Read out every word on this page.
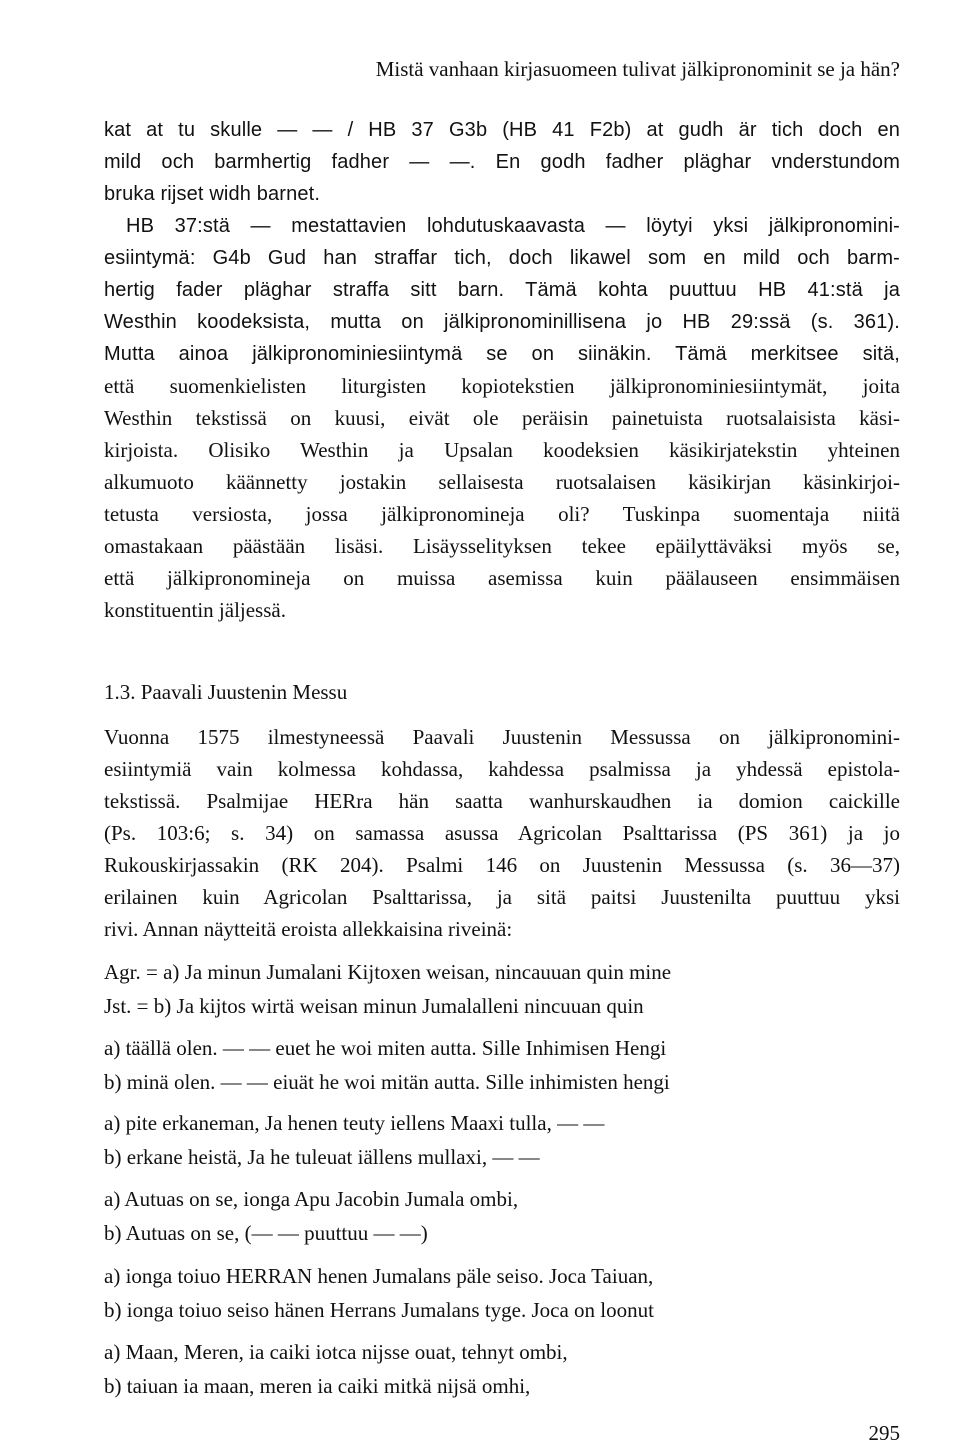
Mistä vanhaan kirjasuomeen tulivat jälkipronominit se ja hän?
kat at tu skulle — — / HB 37 G3b (HB 41 F2b) at gudh är tich doch en
mild och barmhertig fadher — —. En godh fadher pläghar vnderstundom
bruka rijset widh barnet.
HB 37:stä — mestattavien lohdutuskaavasta — löytyi yksi jälkipronomini-
esiintymä: G4b Gud han straffar tich, doch likawel som en mild och barm-
hertig fader pläghar straffa sitt barn. Tämä kohta puuttuu HB 41:stä ja
Westhin koodeksista, mutta on jälkipronominillisena jo HB 29:ssä (s. 361).
Mutta ainoa jälkipronominiesiintymä se on siinäkin. Tämä merkitsee sitä,
että suomenkielisten liturgisten kopiotekstien jälkipronominiesiintymät, joita
Westhin tekstissä on kuusi, eivät ole peräisin painetuista ruotsalaisista käsi-
kirjoista. Olisiko Westhin ja Upsalan koodeksien käsikirjatekstin yhteinen
alkumuoto käännetty jostakin sellaisesta ruotsalaisen käsikirjan käsinkirjoi-
tetusta versiosta, jossa jälkipronomineja oli? Tuskinpa suomentaja niitä
omastakaan päästään lisäsi. Lisäysselityksen tekee epäilyttäväksi myös se,
että jälkipronomineja on muissa asemissa kuin päälauseen ensimmäisen
konstituentin jäljessä.
1.3. Paavali Juustenin Messu
Vuonna 1575 ilmestyneessä Paavali Juustenin Messussa on jälkipronomini-
esiintymiä vain kolmessa kohdassa, kahdessa psalmissa ja yhdessä epistola-
tekstissä. Psalmijae HERra hän saatta wanhurskaudhen ia domion caickille
(Ps. 103:6; s. 34) on samassa asussa Agricolan Psalttarissa (PS 361) ja jo
Rukouskirjassakin (RK 204). Psalmi 146 on Juustenin Messussa (s. 36—37)
erilainen kuin Agricolan Psalttarissa, ja sitä paitsi Juustenilta puuttuu yksi
rivi. Annan näytteitä eroista allekkaisina riveinä:
Agr. = a) Ja minun Jumalani Kijtoxen weisan, nincauuan quin mine
Jst. = b) Ja kijtos wirtä weisan minun Jumalalleni nincuuan quin
a) täällä olen. — — euet he woi miten autta. Sille Inhimisen Hengi
b) minä olen. — — eiuät he woi mitän autta. Sille inhimisten hengi
a) pite erkaneman, Ja henen teuty iellens Maaxi tulla, — —
b) erkane heistä, Ja he tuleuat iällens mullaxi, — —
a) Autuas on se, ionga Apu Jacobin Jumala ombi,
b) Autuas on se, (— — puuttuu — —)
a) ionga toiuo HERRAN henen Jumalans päle seiso. Joca Taiuan,
b) ionga toiuo seiso hänen Herrans Jumalans tyge. Joca on loonut
a) Maan, Meren, ia caiki iotca nijsse ouat, tehnyt ombi,
b) taiuan ia maan, meren ia caiki mitkä nijsä omhi,
295
